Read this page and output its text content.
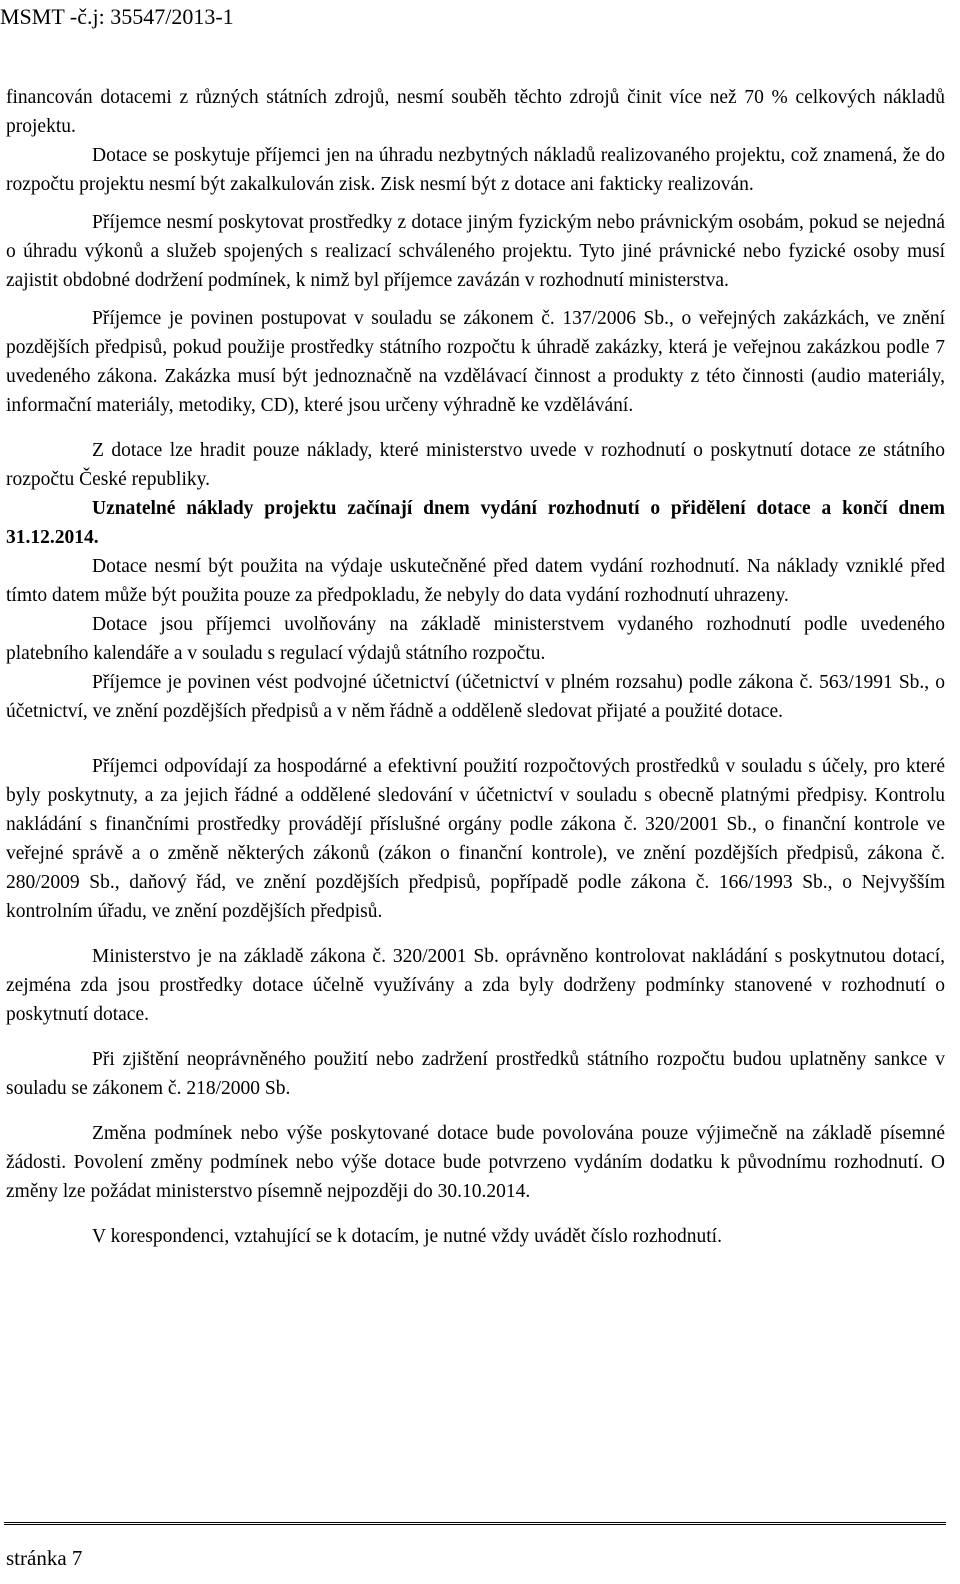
MSMT -č.j: 35547/2013-1

financován dotacemi z různých státních zdrojů, nesmí souběh těchto zdrojů činit více než 70 % celkových nákladů projektu.

Dotace se poskytuje příjemci jen na úhradu nezbytných nákladů realizovaného projektu, což znamená, že do rozpočtu projektu nesmí být zakalkulován zisk. Zisk nesmí být z dotace ani fakticky realizován.

Příjemce nesmí poskytovat prostředky z dotace jiným fyzickým nebo právnickým osobám, pokud se nejedná o úhradu výkonů a služeb spojených s realizací schváleného projektu. Tyto jiné právnické nebo fyzické osoby musí zajistit obdobné dodržení podmínek, k nimž byl příjemce zavázán v rozhodnutí ministerstva.

Příjemce je povinen postupovat v souladu se zákonem č. 137/2006 Sb., o veřejných zakázkách, ve znění pozdějších předpisů, pokud použije prostředky státního rozpočtu k úhradě zakázky, která je veřejnou zakázkou podle 7 uvedeného zákona. Zakázka musí být jednoznačně na vzdělávací činnost a produkty z této činnosti (audio materiály, informační materiály, metodiky, CD), které jsou určeny výhradně ke vzdělávání.

Z dotace lze hradit pouze náklady, které ministerstvo uvede v rozhodnutí o poskytnutí dotace ze státního rozpočtu České republiky.

Uznatelné náklady projektu začínají dnem vydání rozhodnutí o přidělení dotace a končí dnem 31.12.2014.

Dotace nesmí být použita na výdaje uskutečněné před datem vydání rozhodnutí. Na náklady vzniklé před tímto datem může být použita pouze za předpokladu, že nebyly do data vydání rozhodnutí uhrazeny.

Dotace jsou příjemci uvolňovány na základě ministerstvem vydaného rozhodnutí podle uvedeného platebního kalendáře a v souladu s regulací výdajů státního rozpočtu.

Příjemce je povinen vést podvojné účetnictví (účetnictví v plném rozsahu) podle zákona č. 563/1991 Sb., o účetnictví, ve znění pozdějších předpisů a v něm řádně a odděleně sledovat přijaté a použité dotace.

Příjemci odpovídají za hospodárné a efektivní použití rozpočtových prostředků v souladu s účely, pro které byly poskytnuty, a za jejich řádné a oddělené sledování v účetnictví v souladu s obecně platnými předpisy. Kontrolu nakládání s finančními prostředky provádějí příslušné orgány podle zákona č. 320/2001 Sb., o finanční kontrole ve veřejné správě a o změně některých zákonů (zákon o finanční kontrole), ve znění pozdějších předpisů, zákona č. 280/2009 Sb., daňový řád, ve znění pozdějších předpisů, popřípadě podle zákona č. 166/1993 Sb., o Nejvyšším kontrolním úřadu, ve znění pozdějších předpisů.

Ministerstvo je na základě zákona č. 320/2001 Sb. oprávněno kontrolovat nakládání s poskytnutou dotací, zejména zda jsou prostředky dotace účelně využívány a zda byly dodrženy podmínky stanovené v rozhodnutí o poskytnutí dotace.

Při zjištění neoprávněného použití nebo zadržení prostředků státního rozpočtu budou uplatněny sankce v souladu se zákonem č. 218/2000 Sb.

Změna podmínek nebo výše poskytované dotace bude povolována pouze výjimečně na základě písemné žádosti. Povolení změny podmínek nebo výše dotace bude potvrzeno vydáním dodatku k původnímu rozhodnutí. O změny lze požádat ministerstvo písemně nejpozději do 30.10.2014.

V korespondenci, vztahující se k dotacím, je nutné vždy uvádět číslo rozhodnutí.

stránka 7
